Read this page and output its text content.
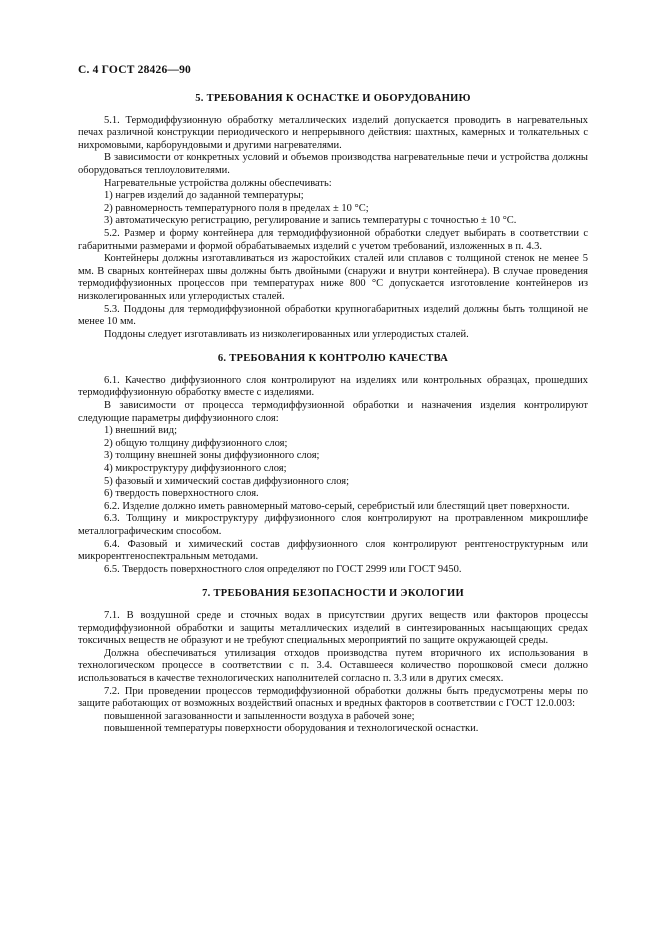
С. 4 ГОСТ 28426—90
5. ТРЕБОВАНИЯ К ОСНАСТКЕ И ОБОРУДОВАНИЮ
5.1. Термодиффузионную обработку металлических изделий допускается проводить в нагревательных печах различной конструкции периодического и непрерывного действия: шахтных, камерных и толкательных с нихромовыми, карборундовыми и другими нагревателями.
В зависимости от конкретных условий и объемов производства нагревательные печи и устройства должны оборудоваться теплоуловителями.
Нагревательные устройства должны обеспечивать:
1) нагрев изделий до заданной температуры;
2) равномерность температурного поля в пределах ± 10 °С;
3) автоматическую регистрацию, регулирование и запись температуры с точностью ± 10 °С.
5.2. Размер и форму контейнера для термодиффузионной обработки следует выбирать в соответствии с габаритными размерами и формой обрабатываемых изделий с учетом требований, изложенных в п. 4.3.
Контейнеры должны изготавливаться из жаростойких сталей или сплавов с толщиной стенок не менее 5 мм. В сварных контейнерах швы должны быть двойными (снаружи и внутри контейнера). В случае проведения термодиффузионных процессов при температурах ниже 800 °С допускается изготовление контейнеров из низколегированных или углеродистых сталей.
5.3. Поддоны для термодиффузионной обработки крупногабаритных изделий должны быть толщиной не менее 10 мм.
Поддоны следует изготавливать из низколегированных или углеродистых сталей.
6. ТРЕБОВАНИЯ К КОНТРОЛЮ КАЧЕСТВА
6.1. Качество диффузионного слоя контролируют на изделиях или контрольных образцах, прошедших термодиффузионную обработку вместе с изделиями.
В зависимости от процесса термодиффузионной обработки и назначения изделия контролируют следующие параметры диффузионного слоя:
1) внешний вид;
2) общую толщину диффузионного слоя;
3) толщину внешней зоны диффузионного слоя;
4) микроструктуру диффузионного слоя;
5) фазовый и химический состав диффузионного слоя;
6) твердость поверхностного слоя.
6.2. Изделие должно иметь равномерный матово-серый, серебристый или блестящий цвет поверхности.
6.3. Толщину и микроструктуру диффузионного слоя контролируют на протравленном микрошлифе металлографическим способом.
6.4. Фазовый и химический состав диффузионного слоя контролируют рентгеноструктурным или микрорентгеноспектральным методами.
6.5. Твердость поверхностного слоя определяют по ГОСТ 2999 или ГОСТ 9450.
7. ТРЕБОВАНИЯ БЕЗОПАСНОСТИ И ЭКОЛОГИИ
7.1. В воздушной среде и сточных водах в присутствии других веществ или факторов процессы термодиффузионной обработки и защиты металлических изделий в синтезированных насыщающих средах токсичных веществ не образуют и не требуют специальных мероприятий по защите окружающей среды.
Должна обеспечиваться утилизация отходов производства путем вторичного их использования в технологическом процессе в соответствии с п. 3.4. Оставшееся количество порошковой смеси должно использоваться в качестве технологических наполнителей согласно п. 3.3 или в других смесях.
7.2. При проведении процессов термодиффузионной обработки должны быть предусмотрены меры по защите работающих от возможных воздействий опасных и вредных факторов в соответствии с ГОСТ 12.0.003:
повышенной загазованности и запыленности воздуха в рабочей зоне;
повышенной температуры поверхности оборудования и технологической оснастки.
